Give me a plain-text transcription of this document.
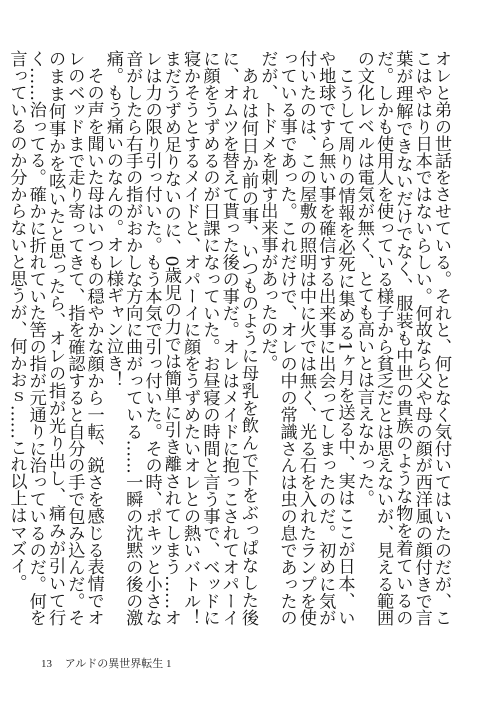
オレと弟の世話をさせている。それと、何となく気付いてはいたのだが、ここはやはり日本ではないらしい。何故なら父や母の顔が西洋風の顔付きで言葉が理解できないだけでなく、服装も中世の貴族のような物を着ているのだ。しかも使用人を使っている様子から貧乏だとは思えないが、見える範囲の文化レベルは電気が無く、とても高いとは言えなかった。

こうして周りの情報を必死に集める1ヶ月を送る中、実はここが日本、いや地球ですら無い事を確信する出来事に出会ってしまったのだ。初めに気が付いたのは、この屋敷の照明は中に火では無く、光る石を入れたランプを使っている事であった。これだけで、オレの中の常識さんは虫の息であったのだが、トドメを刺す出来事があったのだ。

あれは何日か前の事、いつものように母乳を飲んで下をぶっぱなした後に、オムツを替えて貰った後の事だ。オレはメイドに抱っこされてオパーイに顔をうずめるのが日課になっていた。お昼寝の時間と言う事で、ベッドに寝かそうとするメイドと、オパーイに顔をうずめたいオレとの熱いバトル！　まだうずめ足りないのに、0歳児の力では簡単に引き離されてしまう……オレは力の限り引っ付いた。もう本気で引っ付いた。その時、ポキッと小さな音がしたら右手の指がおかしな方向に曲がっている……一瞬の沈黙の後の激痛。もう痛いのなんの。オレ様ギャン泣き！

その声を聞いた母はいつもの穏やかな顔から一転、鋭さを感じる表情でオレのベッドまで走り寄ってきて、指を確認すると自分の手で包み込んだ。そのまま何事かを呟いたと思ったら、オレの指が光り出し、痛みが引いて行く……治ってる。確かに折れていた筈の指が元通りに治っているのだ。何を言っているのか分からないと思うが、何かおｓ……これ以上はマズイ。

13 アルドの異世界転生 1
